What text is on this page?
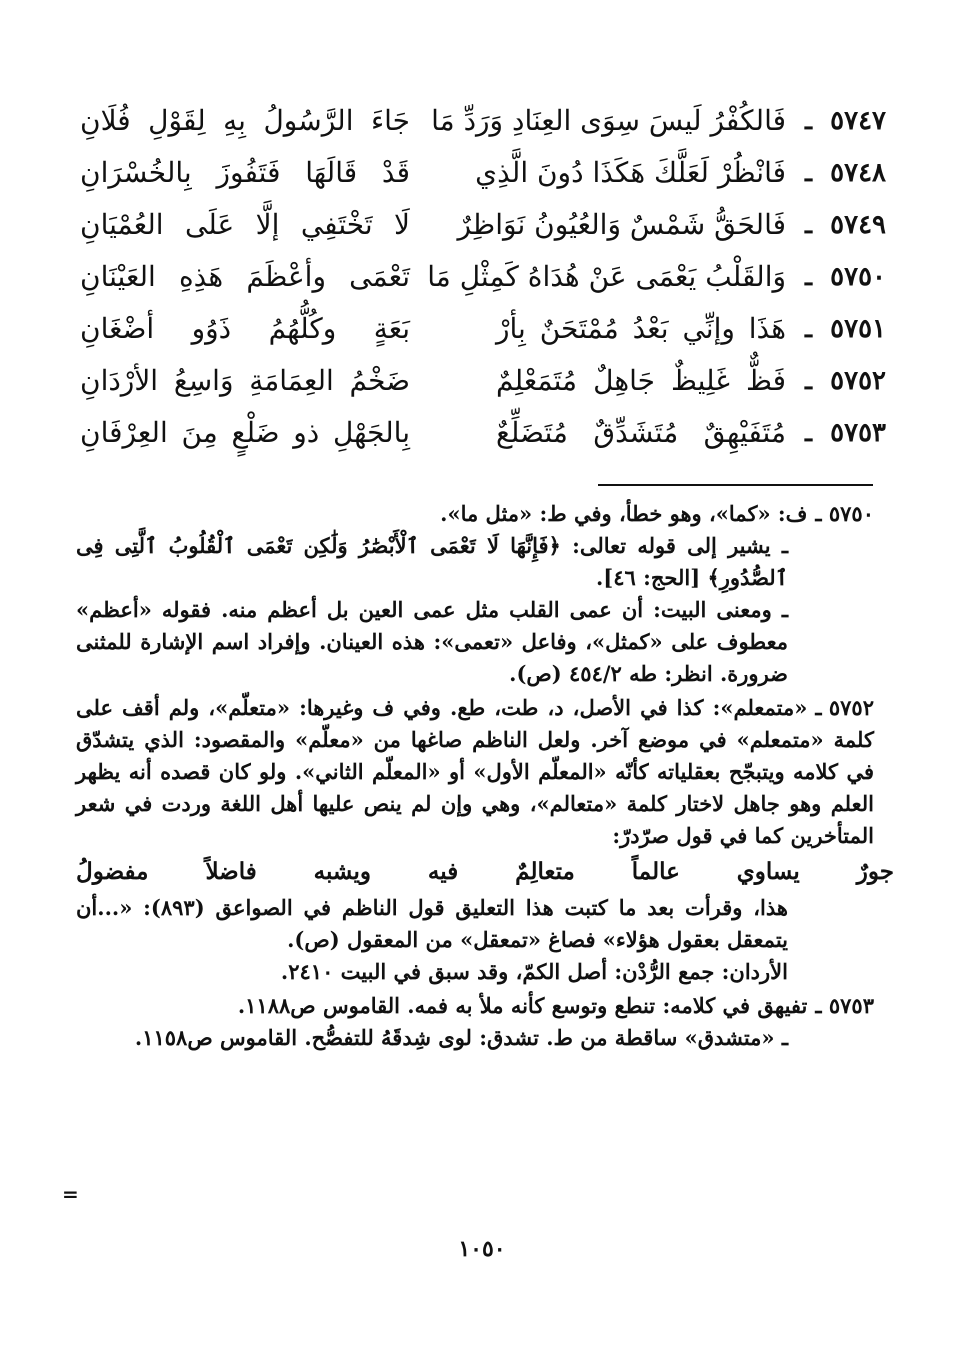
٥٧٤٧
ـ
فَالكُفْرُ لَيسَ سِوَى العِنَادِ وَرَدِّ مَا
جَاءَ الرَّسُولُ بِهِ لِقَوْلِ فُلَانِ
٥٧٤٨
ـ
فَانْظُرْ لَعَلَّكَ هَكَذَا دُونَ الَّذِي
قَدْ قَالَهَا فَتَفُوزَ بِالخُسْرَانِ
٥٧٤٩
ـ
فَالحَقُّ شَمْسٌ وَالعُيُونُ نَوَاظِرٌ
لَا تَخْتَفِي إلَّا عَلَى العُمْيَانِ
٥٧٥٠
ـ
وَالقَلْبُ يَعْمَى عَنْ هُدَاهُ كَمِثْلِ مَا
تَعْمَى وأعْظَمَ هَذِهِ العَيْنَانِ
٥٧٥١
ـ
هَذَا وإنِّي بَعْدُ مُمْتَحَنٌ بِأرْ
بَعَةٍ وكُلُّهُمُ ذَوُو أضْغَانِ
٥٧٥٢
ـ
فَظٌّ غَلِيظٌ جَاهِلٌ مُتَمَعْلِمٌ
ضَخْمُ العِمَامَةِ وَاسِعُ الأرْدَانِ
٥٧٥٣
ـ
مُتَفَيْهِقٌ مُتَشَدِّقٌ مُتَضَلِّعٌ
بِالجَهْلِ ذو ضَلْعٍ مِنَ العِرْفَانِ

٥٧٥٠ ـف: «كما»، وهو خطأ، وفي ط: «مثل ما».

ـ يشير إلى قوله تعالى: ﴿فَإِنَّهَا لَا تَعْمَى ٱلْأَبْصَٰرُ وَلَٰكِن تَعْمَى ٱلْقُلُوبُ ٱلَّتِى فِى ٱلصُّدُورِ﴾ [الحج: ٤٦].

ـ ومعنى البيت: أن عمى القلب مثل عمى العين بل أعظم منه. فقوله «أعظم» معطوف على «كمثل»، وفاعل «تعمى»: هذه العينان. وإفراد اسم الإشارة للمثنى ضرورة. انظر: طه ٤٥٤/٢ (ص).

٥٧٥٢ ـ«متمعلم»: كذا في الأصل، د، طت، طع. وفي ف وغيرها: «متعلّم»، ولم أقف على كلمة «متمعلم» في موضع آخر. ولعل الناظم صاغها من «معلّم» والمقصود: الذي يتشدّق في كلامه ويتبجّح بعقلياته كأنّه «المعلّم الأول» أو «المعلّم الثاني». ولو كان قصده أنه يظهر العلم وهو جاهل لاختار كلمة «متعالم»، وهي وإن لم ينص عليها أهل اللغة وردت في شعر المتأخرين كما في قول صرّدرّ:

جورٌ يساوي عالماً متعالِمٌ فيه ويشبه فاضلاً مفضولُ

هذا، وقرأت بعد ما كتبت هذا التعليق قول الناظم في الصواعق (٨٩٣): «...أن يتمعقل بعقول هؤلاء» فصاغ «تمعقل» من المعقول (ص).

الأردان: جمع الرُّدْن: أصل الكمّ، وقد سبق في البيت ٢٤١٠.

٥٧٥٣ ـتفيهق في كلامه: تنطع وتوسع كأنه ملأ به فمه. القاموس ص١١٨٨.

ـ «متشدق» ساقطة من ط. تشدق: لوى شِدقَهُ للتفصُّح. القاموس ص١١٥٨.

=
١٠٥٠
